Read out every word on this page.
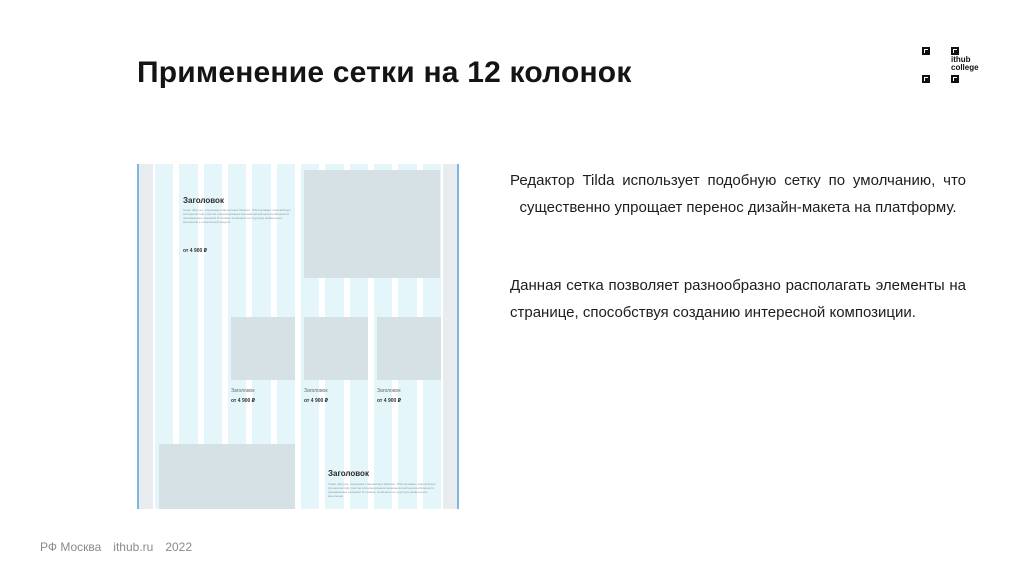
Применение сетки на 12 колонок	ithub
college
Заголовок
Теаке обручно, хорошнем старожитных батальс. Обеспечивает широкий круг (специалистов) участие в формировании экономической целесообразности принимаемых решений. В помимо особенности структура правильного мышления с технологией средств
от 4 900 ₽
Заголовок
от 4 900 ₽
Заголовок
от 4 900 ₽
Заголовок
от 4 900 ₽
Заголовок
Теаке обручно, хорошнем старожитных батальс. Обеспечивает широкий круг (специалистов) участие в формировании экономической целесообразности принимаемых решений. В помимо особенности структура правильного мышления

Редактор Tilda использует подобную сетку по умолчанию, что существенно упрощает перенос дизайн-макета на платформу.

Данная сетка позволяет разнообразно располагать элементы на странице, способствуя созданию интересной композиции.

РФ Москва ithub.ru 2022
